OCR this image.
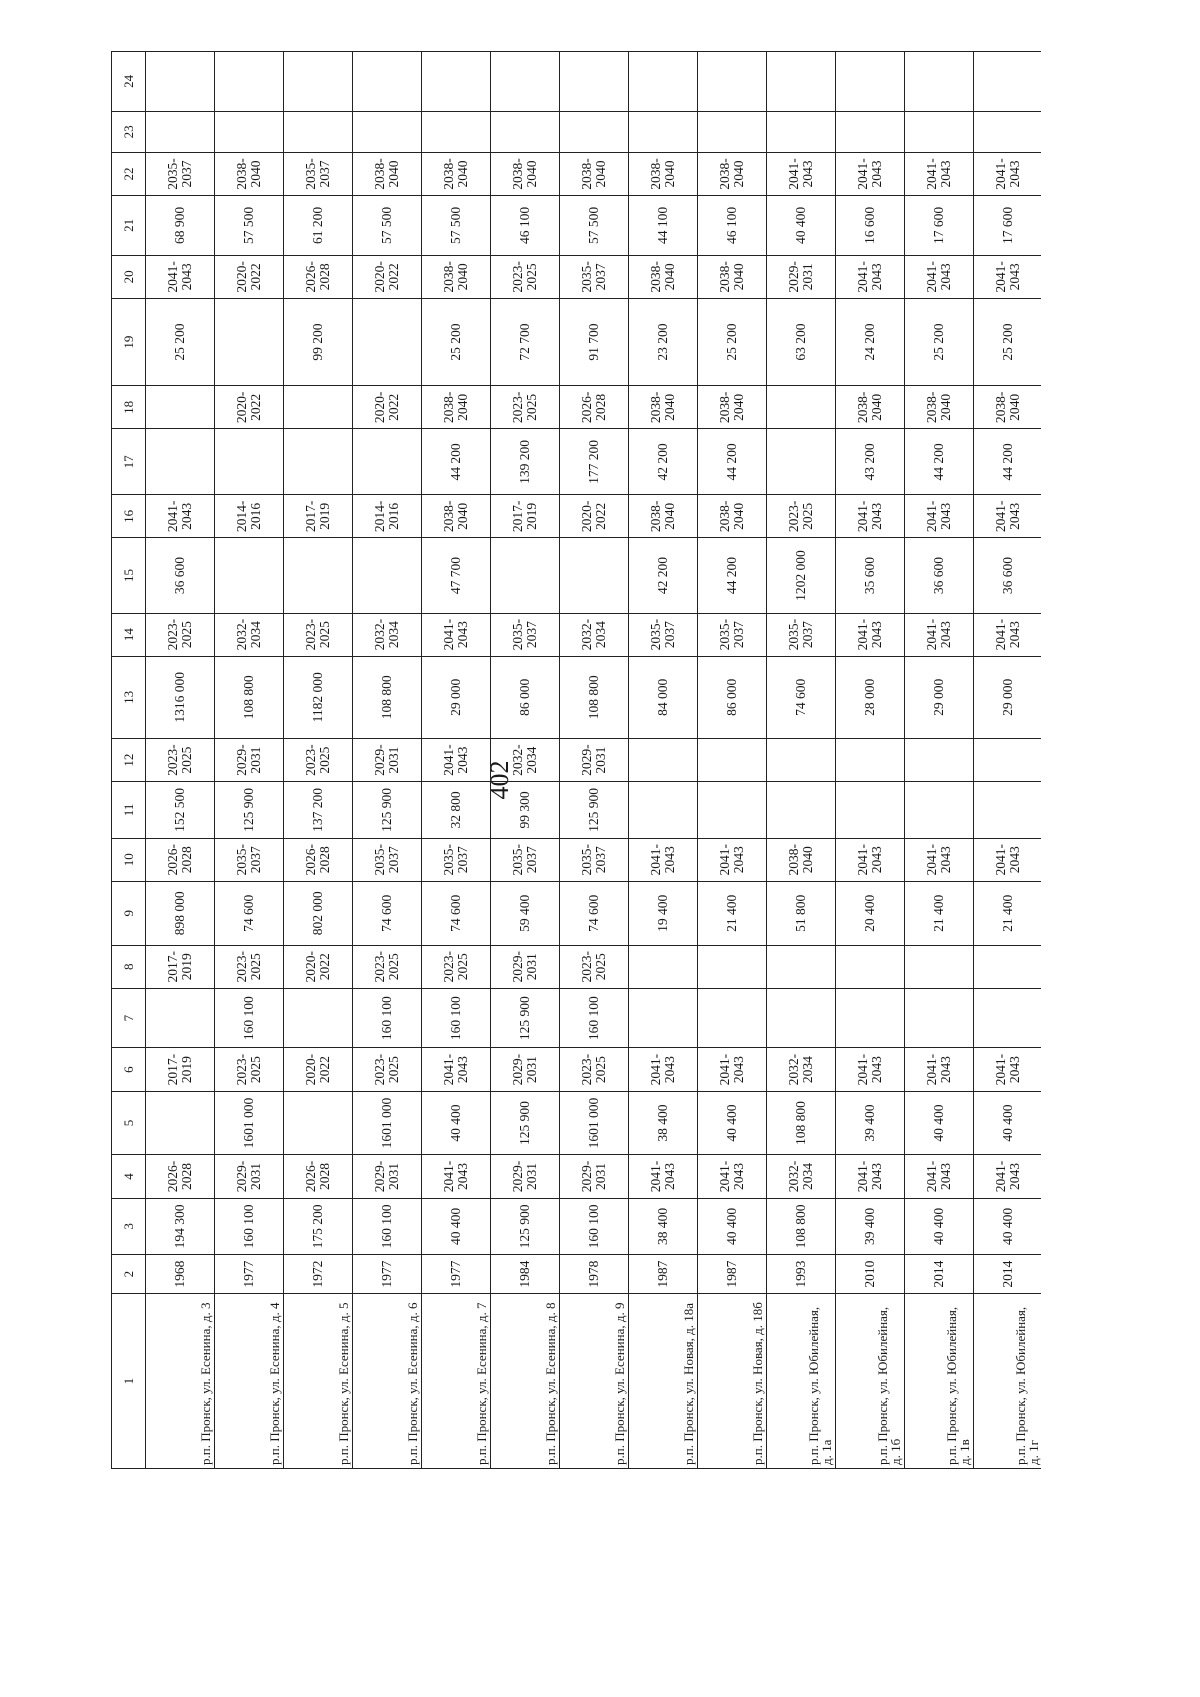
402
1	2	3	4	5	6	7	8	9	10	11	12	13	14	15	16	17	18	19	20	21	22	23	24
р.п. Пронск, ул. Есенина, д. 3	1968	194 300	2026-2028		2017-2019		2017-2019	898 000	2026-2028	152 500	2023-2025	1316 000	2023-2025	36 600	2041-2043			25 200	2041-2043	68 900	2035-2037		
р.п. Пронск, ул. Есенина, д. 4	1977	160 100	2029-2031	1601 000	2023-2025	160 100	2023-2025	74 600	2035-2037	125 900	2029-2031	108 800	2032-2034		2014-2016		2020-2022		2020-2022	57 500	2038-2040		
р.п. Пронск, ул. Есенина, д. 5	1972	175 200	2026-2028		2020-2022		2020-2022	802 000	2026-2028	137 200	2023-2025	1182 000	2023-2025		2017-2019			99 200	2026-2028	61 200	2035-2037		
р.п. Пронск, ул. Есенина, д. 6	1977	160 100	2029-2031	1601 000	2023-2025	160 100	2023-2025	74 600	2035-2037	125 900	2029-2031	108 800	2032-2034		2014-2016		2020-2022		2020-2022	57 500	2038-2040		
р.п. Пронск, ул. Есенина, д. 7	1977	40 400	2041-2043	40 400	2041-2043	160 100	2023-2025	74 600	2035-2037	32 800	2041-2043	29 000	2041-2043	47 700	2038-2040	44 200	2038-2040	25 200	2038-2040	57 500	2038-2040		
р.п. Пронск, ул. Есенина, д. 8	1984	125 900	2029-2031	125 900	2029-2031	125 900	2029-2031	59 400	2035-2037	99 300	2032-2034	86 000	2035-2037		2017-2019	139 200	2023-2025	72 700	2023-2025	46 100	2038-2040		
р.п. Пронск, ул. Есенина, д. 9	1978	160 100	2029-2031	1601 000	2023-2025	160 100	2023-2025	74 600	2035-2037	125 900	2029-2031	108 800	2032-2034		2020-2022	177 200	2026-2028	91 700	2035-2037	57 500	2038-2040		
р.п. Пронск, ул. Новая, д. 18а	1987	38 400	2041-2043	38 400	2041-2043			19 400	2041-2043			84 000	2035-2037	42 200	2038-2040	42 200	2038-2040	23 200	2038-2040	44 100	2038-2040		
р.п. Пронск, ул. Новая, д. 18б	1987	40 400	2041-2043	40 400	2041-2043			21 400	2041-2043			86 000	2035-2037	44 200	2038-2040	44 200	2038-2040	25 200	2038-2040	46 100	2038-2040		
р.п. Пронск, ул. Юбилейная, д. 1а	1993	108 800	2032-2034	108 800	2032-2034			51 800	2038-2040			74 600	2035-2037	1202 000	2023-2025			63 200	2029-2031	40 400	2041-2043		
р.п. Пронск, ул. Юбилейная, д. 1б	2010	39 400	2041-2043	39 400	2041-2043			20 400	2041-2043			28 000	2041-2043	35 600	2041-2043	43 200	2038-2040	24 200	2041-2043	16 600	2041-2043		
р.п. Пронск, ул. Юбилейная, д. 1в	2014	40 400	2041-2043	40 400	2041-2043			21 400	2041-2043			29 000	2041-2043	36 600	2041-2043	44 200	2038-2040	25 200	2041-2043	17 600	2041-2043		
р.п. Пронск, ул. Юбилейная, д. 1г	2014	40 400	2041-2043	40 400	2041-2043			21 400	2041-2043			29 000	2041-2043	36 600	2041-2043	44 200	2038-2040	25 200	2041-2043	17 600	2041-2043		
